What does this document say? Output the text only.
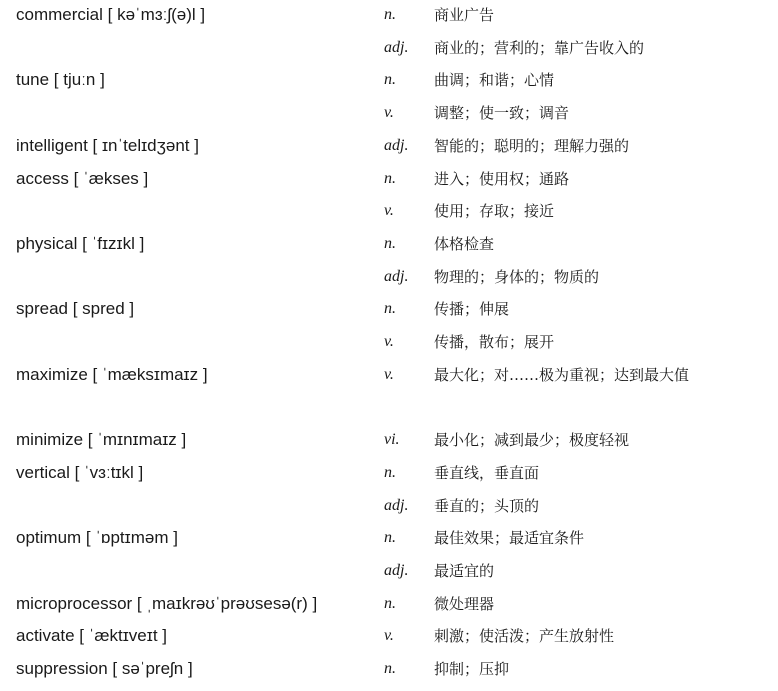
commercial [ kəˈmɜːʃ(ə)l ]	n.	商业广告
adj. 商业的；营利的；靠广告收入的
tune [ tjuːn ]	n.	曲调；和谐；心情
v.	调整；使一致；调音
intelligent [ ɪnˈtelɪdʒənt ]	adj. 智能的；聪明的；理解力强的
access [ ˈækses ]	n.	进入；使用权；通路
v.	使用；存取；接近
physical [ ˈfɪzɪkl ]	n.	体格检查
adj. 物理的；身体的；物质的
spread [ spred ]	n.	传播；伸展
v.	传播，散布；展开
maximize [ ˈmæksɪmaɪz ]	v.	最大化；对……极为重视；达到最大值
minimize [ ˈmɪnɪmaɪz ]	vi. 最小化；减到最少；极度轻视
vertical [ ˈvɜːtɪkl ]	n.	垂直线，垂直面
adj. 垂直的；头顶的
optimum [ ˈɒptɪməm ]	n.	最佳效果；最适宜条件
adj. 最适宜的
microprocessor [ ˌmaɪkrəʊˈprəʊsesə(r) ]	n.	微处理器
activate [ ˈæktɪveɪt ]	v.	刺激；使活泼；产生放射性
suppression [ səˈpreʃn ]	n.	抑制；压抑
